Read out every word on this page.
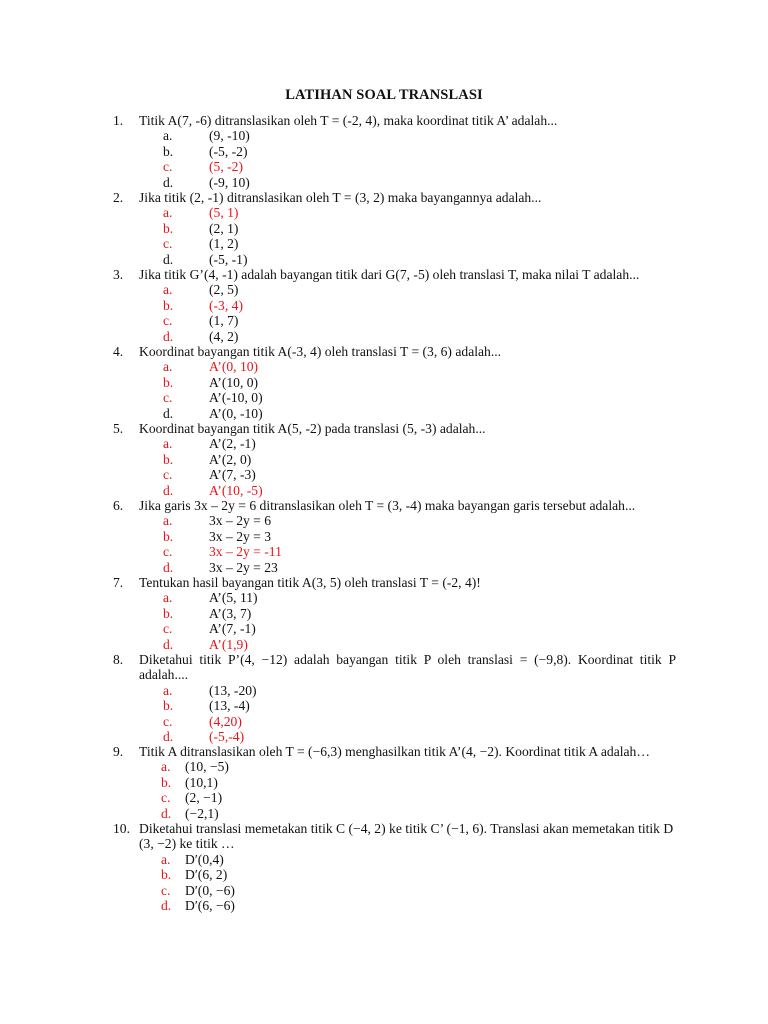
LATIHAN SOAL TRANSLASI
1. Titik A(7, -6) ditranslasikan oleh T = (-2, 4), maka koordinat titik A’ adalah...
a.	(9, -10)
b.	(-5, -2)
c.	(5, -2)
d.	(-9, 10)
2. Jika titik (2, -1) ditranslasikan oleh T = (3, 2) maka bayangannya adalah...
a.	(5, 1)
b.	(2, 1)
c.	(1, 2)
d.	(-5, -1)
3. Jika titik G’(4, -1) adalah bayangan titik dari G(7, -5) oleh translasi T, maka nilai T adalah...
a.	(2, 5)
b.	(-3, 4)
c.	(1, 7)
d.	(4, 2)
4. Koordinat bayangan titik A(-3, 4) oleh translasi T = (3, 6) adalah...
a.	A’(0, 10)
b.	A’(10, 0)
c.	A’(-10, 0)
d.	A’(0, -10)
5. Koordinat bayangan titik A(5, -2) pada translasi (5, -3) adalah...
a.	A’(2, -1)
b.	A’(2, 0)
c.	A’(7, -3)
d.	A’(10, -5)
6. Jika garis 3x – 2y = 6 ditranslasikan oleh T = (3, -4) maka bayangan garis tersebut adalah...
a.	3x – 2y = 6
b.	3x – 2y = 3
c.	3x – 2y = -11
d.	3x – 2y = 23
7. Tentukan hasil bayangan titik A(3, 5) oleh translasi T = (-2, 4)!
a.	A’(5, 11)
b.	A’(3, 7)
c.	A’(7, -1)
d.	A’(1,9)
8. Diketahui titik P’(4, −12) adalah bayangan titik P oleh translasi = (−9,8). Koordinat titik P adalah....
a.	(13, -20)
b.	(13, -4)
c.	(4,20)
d.	(-5,-4)
9. Titik A ditranslasikan oleh T = (−6,3) menghasilkan titik A’(4, −2). Koordinat titik A adalah…
a. (10, −5)
b. (10,1)
c. (2, −1)
d. (−2,1)
10. Diketahui translasi memetakan titik C (−4, 2) ke titik C’ (−1, 6). Translasi akan memetakan titik D (3, −2) ke titik …
a. D′(0,4)
b. D′(6, 2)
c. D′(0, −6)
d. D′(6, −6)
